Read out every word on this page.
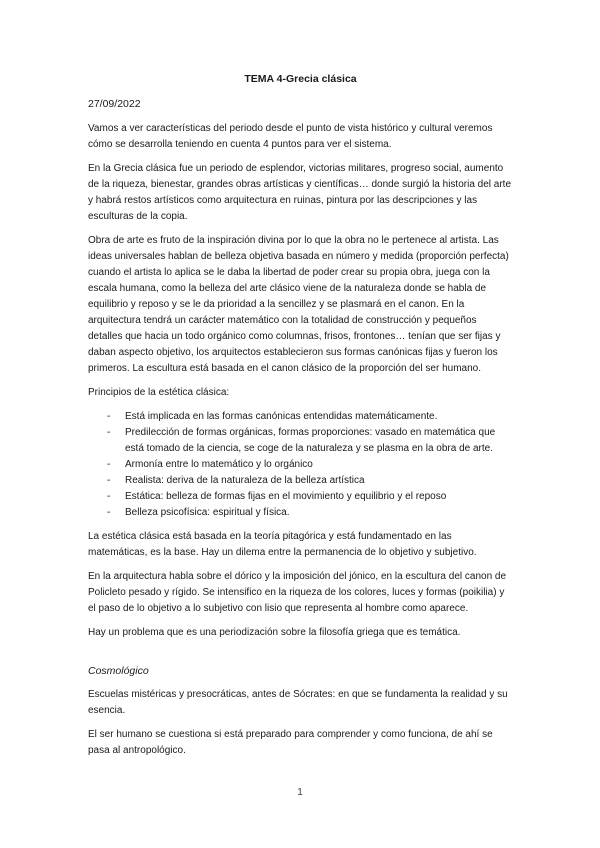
TEMA 4-Grecia clásica
27/09/2022

Vamos a ver características del periodo desde el punto de vista histórico y cultural veremos cómo se desarrolla teniendo en cuenta 4 puntos para ver el sistema.

En la Grecia clásica fue un periodo de esplendor, victorias militares, progreso social, aumento de la riqueza, bienestar, grandes obras artísticas y científicas… donde surgió la historia del arte y habrá restos artísticos como arquitectura en ruinas, pintura por las descripciones y las esculturas de la copia.

Obra de arte es fruto de la inspiración divina por lo que la obra no le pertenece al artista. Las ideas universales hablan de belleza objetiva basada en número y medida (proporción perfecta) cuando el artista lo aplica se le daba la libertad de poder crear su propia obra, juega con la escala humana, como la belleza del arte clásico viene de la naturaleza donde se habla de equilibrio y reposo y se le da prioridad a la sencillez y se plasmará en el canon. En la arquitectura tendrá un carácter matemático con la totalidad de construcción y pequeños detalles que hacia un todo orgánico como columnas, frisos, frontones… tenían que ser fijas y daban aspecto objetivo, los arquitectos establecieron sus formas canónicas fijas y fueron los primeros. La escultura está basada en el canon clásico de la proporción del ser humano.

Principios de la estética clásica:

- Está implicada en las formas canónicas entendidas matemáticamente.
- Predilección de formas orgánicas, formas proporciones: vasado en matemática que está tomado de la ciencia, se coge de la naturaleza y se plasma en la obra de arte.
- Armonía entre lo matemático y lo orgánico
- Realista: deriva de la naturaleza de la belleza artística
- Estática: belleza de formas fijas en el movimiento y equilibrio y el reposo
- Belleza psicofísica: espiritual y física.

La estética clásica está basada en la teoría pitagórica y está fundamentado en las matemáticas, es la base. Hay un dilema entre la permanencia de lo objetivo y subjetivo.

En la arquitectura habla sobre el dórico y la imposición del jónico, en la escultura del canon de Policleto pesado y rígido. Se intensifico en la riqueza de los colores, luces y formas (poikilia) y el paso de lo objetivo a lo subjetivo con lisio que representa al hombre como aparece.

Hay un problema que es una periodización sobre la filosofía griega que es temática.

Cosmológico

Escuelas mistéricas y presocráticas, antes de Sócrates: en que se fundamenta la realidad y su esencia.

El ser humano se cuestiona si está preparado para comprender y como funciona, de ahí se pasa al antropológico.

1
